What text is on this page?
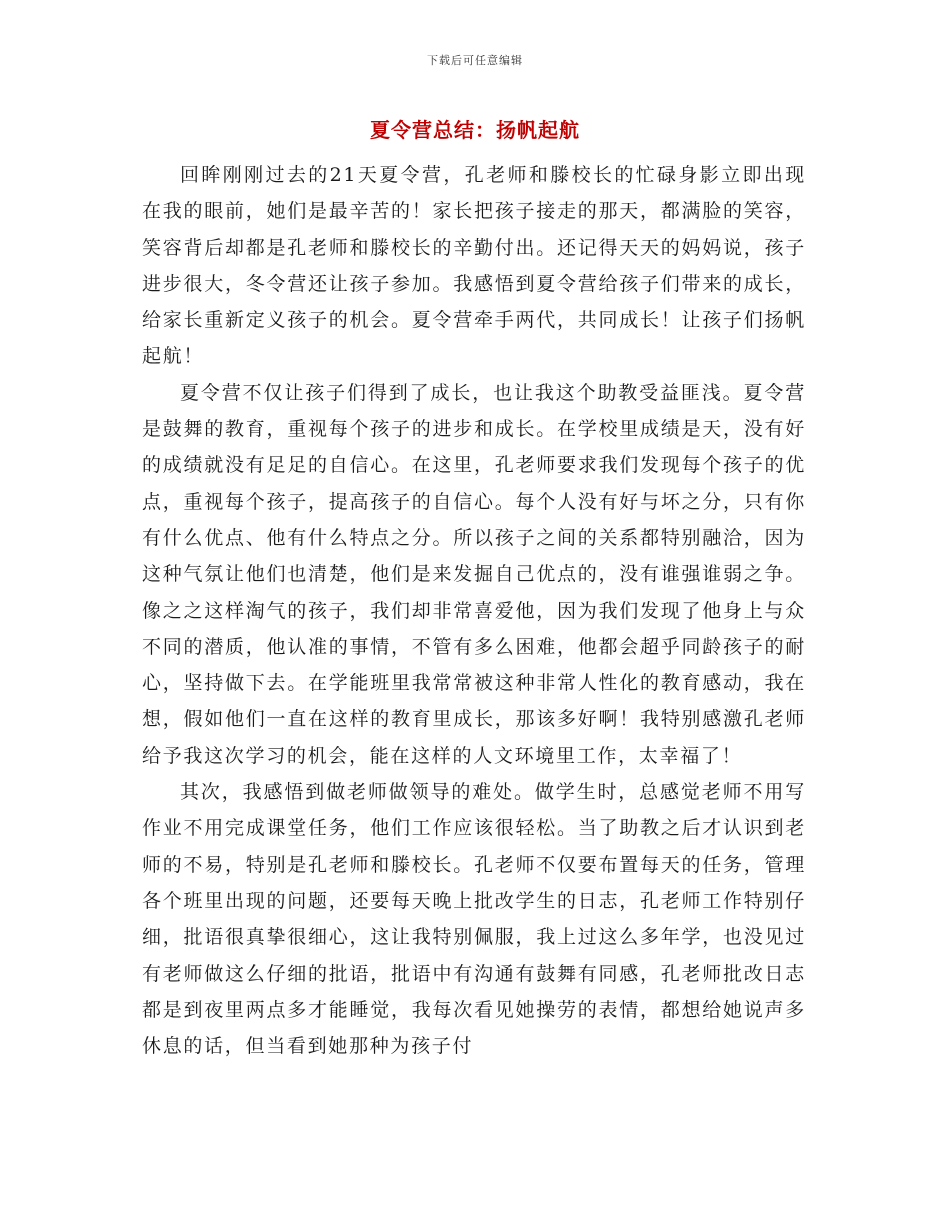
下载后可任意编辑
夏令营总结：扬帆起航

回眸刚刚过去的21天夏令营，孔老师和滕校长的忙碌身影立即出现在我的眼前，她们是最辛苦的！家长把孩子接走的那天，都满脸的笑容，笑容背后却都是孔老师和滕校长的辛勤付出。还记得天天的妈妈说，孩子进步很大，冬令营还让孩子参加。我感悟到夏令营给孩子们带来的成长，给家长重新定义孩子的机会。夏令营牵手两代，共同成长！让孩子们扬帆起航！

夏令营不仅让孩子们得到了成长，也让我这个助教受益匪浅。夏令营是鼓舞的教育，重视每个孩子的进步和成长。在学校里成绩是天，没有好的成绩就没有足足的自信心。在这里，孔老师要求我们发现每个孩子的优点，重视每个孩子，提高孩子的自信心。每个人没有好与坏之分，只有你有什么优点、他有什么特点之分。所以孩子之间的关系都特别融洽，因为这种气氛让他们也清楚，他们是来发掘自己优点的，没有谁强谁弱之争。像之之这样淘气的孩子，我们却非常喜爱他，因为我们发现了他身上与众不同的潜质，他认准的事情，不管有多么困难，他都会超乎同龄孩子的耐心，坚持做下去。在学能班里我常常被这种非常人性化的教育感动，我在想，假如他们一直在这样的教育里成长，那该多好啊！我特别感激孔老师给予我这次学习的机会，能在这样的人文环境里工作，太幸福了！

其次，我感悟到做老师做领导的难处。做学生时，总感觉老师不用写作业不用完成课堂任务，他们工作应该很轻松。当了助教之后才认识到老师的不易，特别是孔老师和滕校长。孔老师不仅要布置每天的任务，管理各个班里出现的问题，还要每天晚上批改学生的日志，孔老师工作特别仔细，批语很真挚很细心，这让我特别佩服，我上过这么多年学，也没见过有老师做这么仔细的批语，批语中有沟通有鼓舞有同感，孔老师批改日志都是到夜里两点多才能睡觉，我每次看见她操劳的表情，都想给她说声多休息的话，但当看到她那种为孩子付
